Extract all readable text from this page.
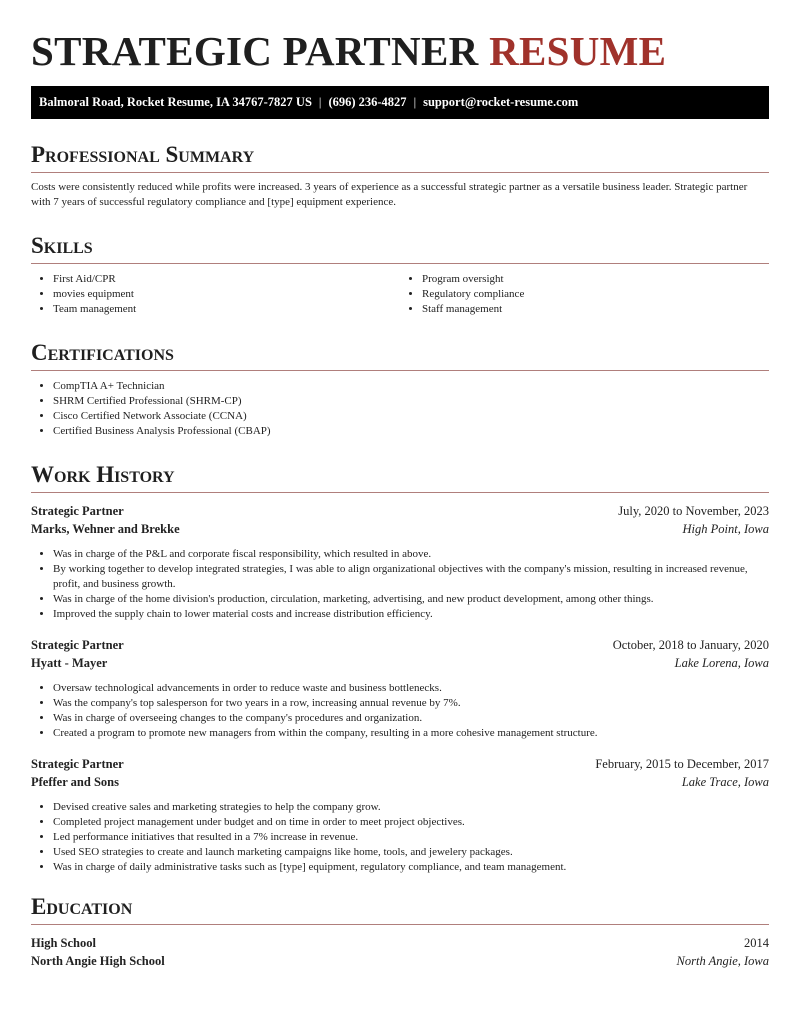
STRATEGIC PARTNER RESUME
Balmoral Road, Rocket Resume, IA 34767-7827 US | (696) 236-4827 | support@rocket-resume.com
Professional Summary

Costs were consistently reduced while profits were increased. 3 years of experience as a successful strategic partner as a versatile business leader. Strategic partner with 7 years of successful regulatory compliance and [type] equipment experience.

Skills
• First Aid/CPR
• movies equipment
• Team management
• Program oversight
• Regulatory compliance
• Staff management
Certifications
• CompTIA A+ Technician
• SHRM Certified Professional (SHRM-CP)
• Cisco Certified Network Associate (CCNA)
• Certified Business Analysis Professional (CBAP)
Work History
Strategic Partner	July, 2020 to November, 2023
Marks, Wehner and Brekke	High Point, Iowa
• Was in charge of the P&L and corporate fiscal responsibility, which resulted in above.
• By working together to develop integrated strategies, I was able to align organizational objectives with the company's mission, resulting in increased revenue, profit, and business growth.
• Was in charge of the home division's production, circulation, marketing, advertising, and new product development, among other things.
• Improved the supply chain to lower material costs and increase distribution efficiency.
Strategic Partner	October, 2018 to January, 2020
Hyatt - Mayer	Lake Lorena, Iowa
• Oversaw technological advancements in order to reduce waste and business bottlenecks.
• Was the company's top salesperson for two years in a row, increasing annual revenue by 7%.
• Was in charge of overseeing changes to the company's procedures and organization.
• Created a program to promote new managers from within the company, resulting in a more cohesive management structure.
Strategic Partner	February, 2015 to December, 2017
Pfeffer and Sons	Lake Trace, Iowa
• Devised creative sales and marketing strategies to help the company grow.
• Completed project management under budget and on time in order to meet project objectives.
• Led performance initiatives that resulted in a 7% increase in revenue.
• Used SEO strategies to create and launch marketing campaigns like home, tools, and jewelery packages.
• Was in charge of daily administrative tasks such as [type] equipment, regulatory compliance, and team management.
Education
High School	2014
North Angie High School	North Angie, Iowa
